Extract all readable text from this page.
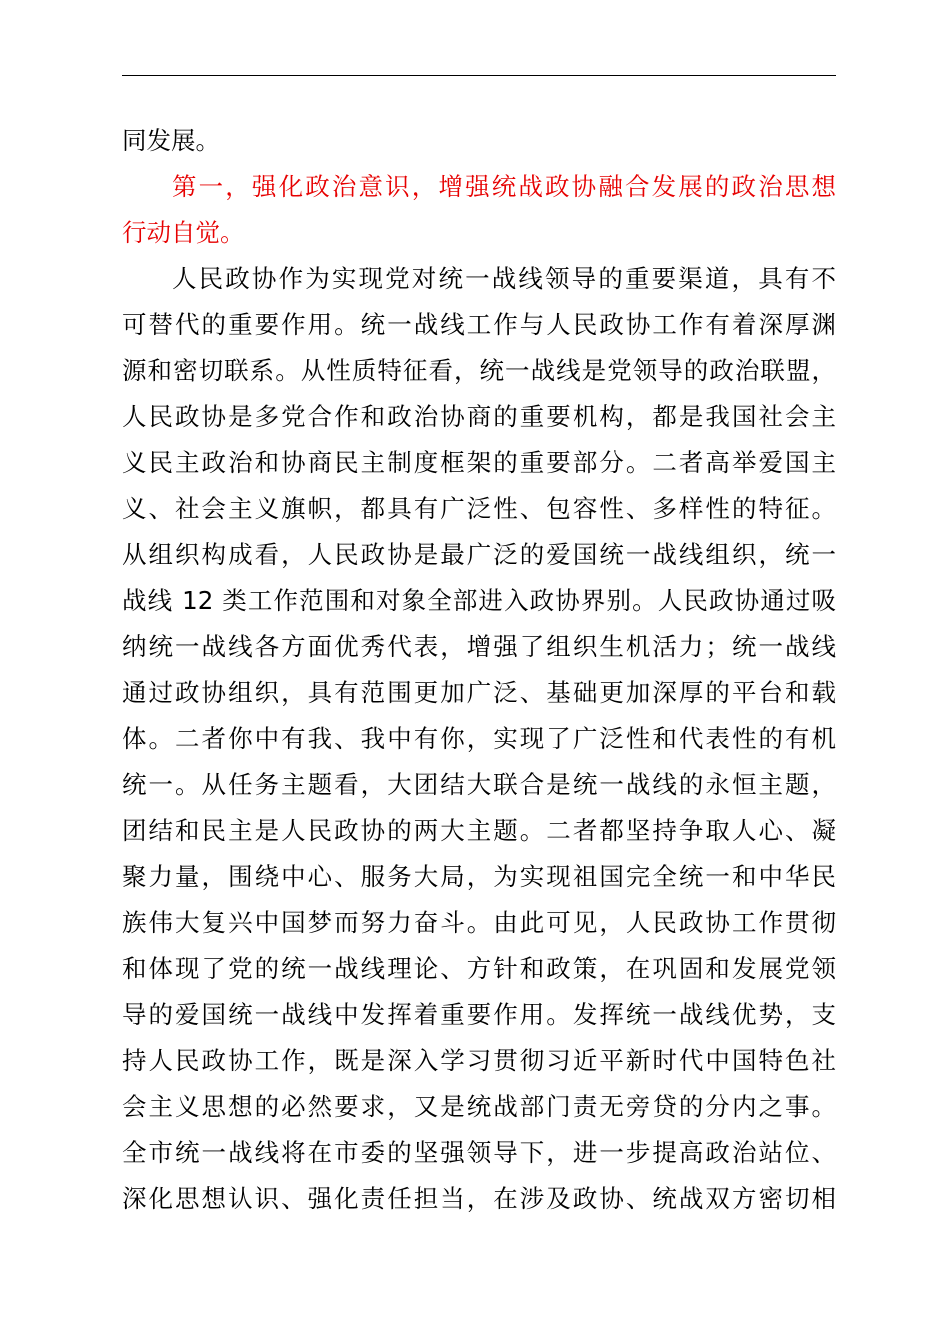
同发展。
第一，强化政治意识，增强统战政协融合发展的政治思想
行动自觉。
人民政协作为实现党对统一战线领导的重要渠道，具有不
可替代的重要作用。统一战线工作与人民政协工作有着深厚渊
源和密切联系。从性质特征看，统一战线是党领导的政治联盟，
人民政协是多党合作和政治协商的重要机构，都是我国社会主
义民主政治和协商民主制度框架的重要部分。二者高举爱国主
义、社会主义旗帜，都具有广泛性、包容性、多样性的特征。
从组织构成看，人民政协是最广泛的爱国统一战线组织，统一
战线 12 类工作范围和对象全部进入政协界别。人民政协通过吸
纳统一战线各方面优秀代表，增强了组织生机活力；统一战线
通过政协组织，具有范围更加广泛、基础更加深厚的平台和载
体。二者你中有我、我中有你，实现了广泛性和代表性的有机
统一。从任务主题看，大团结大联合是统一战线的永恒主题，
团结和民主是人民政协的两大主题。二者都坚持争取人心、凝
聚力量，围绕中心、服务大局，为实现祖国完全统一和中华民
族伟大复兴中国梦而努力奋斗。由此可见，人民政协工作贯彻
和体现了党的统一战线理论、方针和政策，在巩固和发展党领
导的爱国统一战线中发挥着重要作用。发挥统一战线优势，支
持人民政协工作，既是深入学习贯彻习近平新时代中国特色社
会主义思想的必然要求，又是统战部门责无旁贷的分内之事。
全市统一战线将在市委的坚强领导下，进一步提高政治站位、
深化思想认识、强化责任担当，在涉及政协、统战双方密切相
